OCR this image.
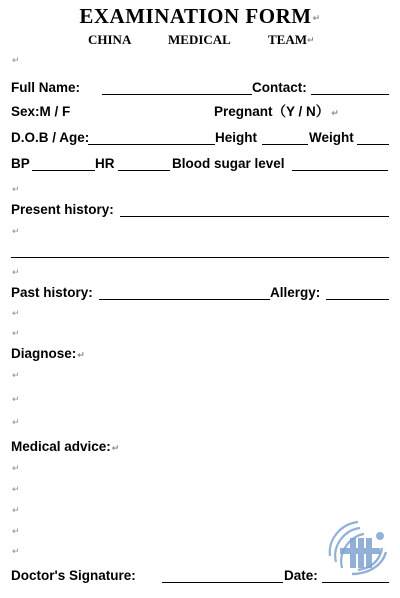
EXAMINATION FORM↵
CHINA	MEDICAL	TEAM↵
↵
Full Name:	Contact:
Sex:M / F	Pregnant（Y / N） ↵
D.O.B / Age:	Height	Weight
BP	HR	Blood sugar level
↵
Present history:
↵
↵
Past history:	Allergy:
↵
↵
Diagnose:↵
↵
↵
↵
Medical advice:↵
↵
↵
↵
↵
↵
Doctor's Signature:	Date:
